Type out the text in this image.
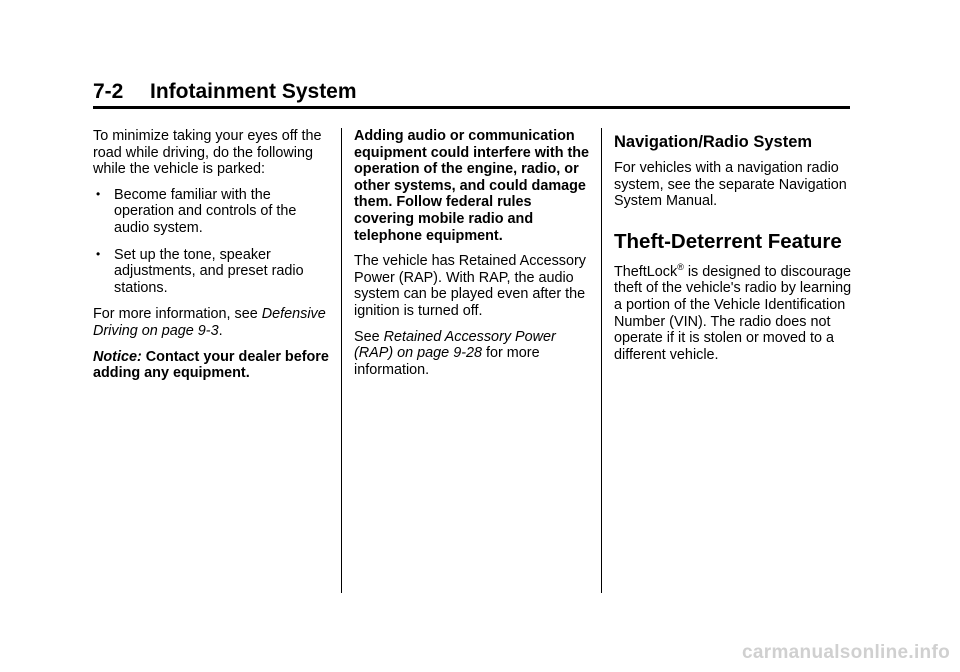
7-2 Infotainment System

To minimize taking your eyes off the road while driving, do the following while the vehicle is parked:

• Become familiar with the operation and controls of the audio system.
• Set up the tone, speaker adjustments, and preset radio stations.

For more information, see Defensive Driving on page 9-3.

Notice: Contact your dealer before adding any equipment.

Adding audio or communication equipment could interfere with the operation of the engine, radio, or other systems, and could damage them. Follow federal rules covering mobile radio and telephone equipment.

The vehicle has Retained Accessory Power (RAP). With RAP, the audio system can be played even after the ignition is turned off.

See Retained Accessory Power (RAP) on page 9-28 for more information.

Navigation/Radio System

For vehicles with a navigation radio system, see the separate Navigation System Manual.

Theft-Deterrent Feature

TheftLock® is designed to discourage theft of the vehicle's radio by learning a portion of the Vehicle Identification Number (VIN). The radio does not operate if it is stolen or moved to a different vehicle.

carmanualsonline.info
